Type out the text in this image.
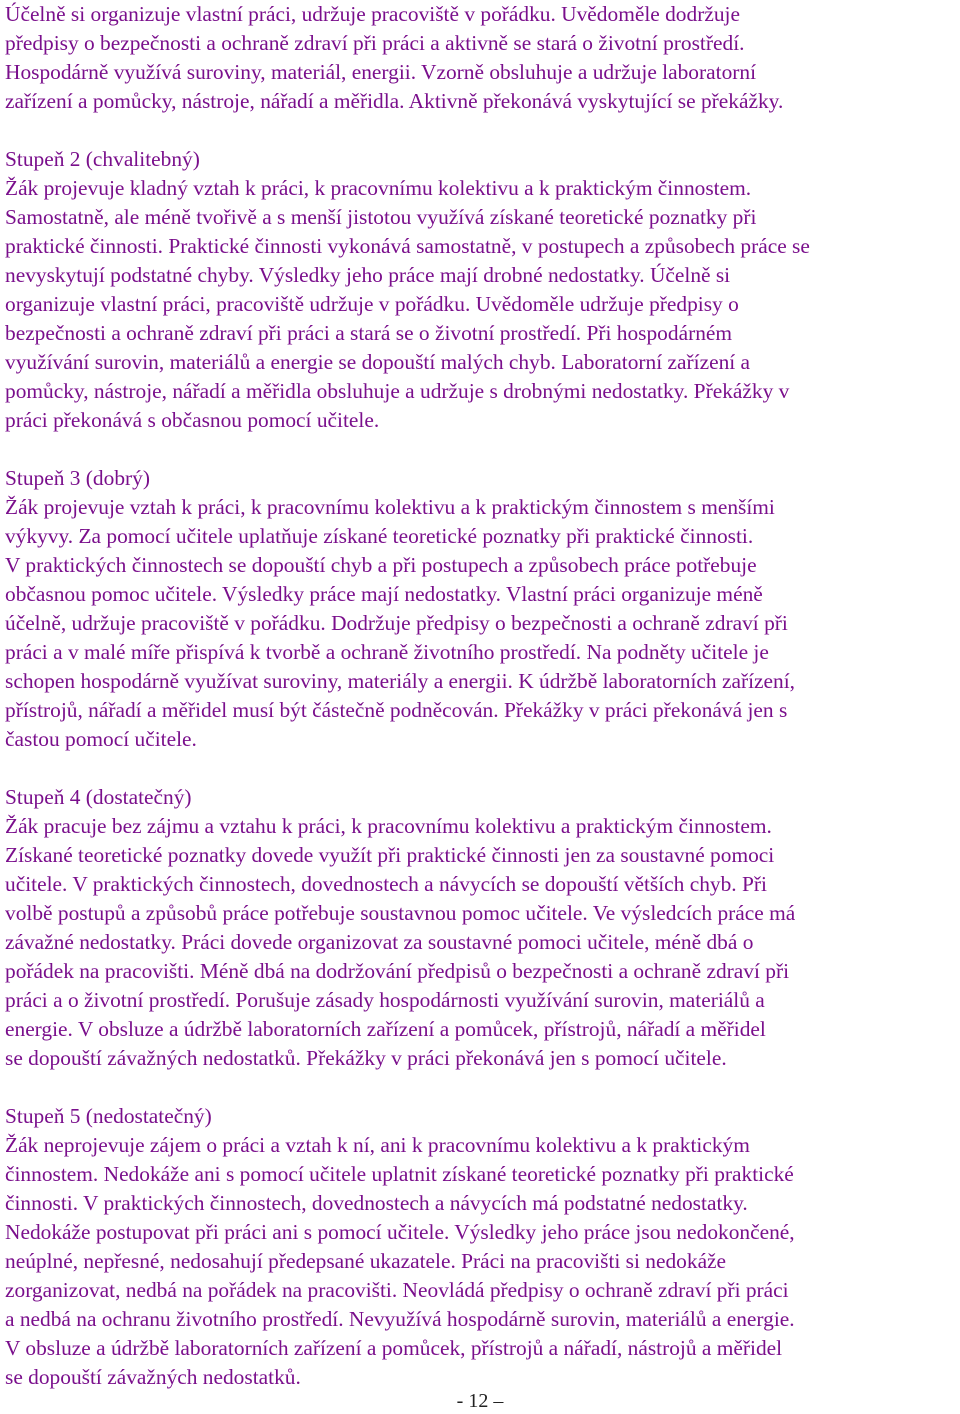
Účelně si organizuje vlastní práci, udržuje pracoviště v pořádku. Uvědoměle dodržuje
předpisy o bezpečnosti a ochraně zdraví při práci a aktivně se stará o životní prostředí.
Hospodárně využívá suroviny, materiál, energii. Vzorně obsluhuje a udržuje laboratorní
zařízení a pomůcky, nástroje, nářadí a měřidla. Aktivně překonává vyskytující se překážky.
Stupeň 2 (chvalitebný)
Žák projevuje kladný vztah k práci, k pracovnímu kolektivu a k praktickým činnostem.
Samostatně, ale méně tvořivě a s menší jistotou využívá získané teoretické poznatky při
praktické činnosti. Praktické činnosti vykonává samostatně, v postupech a způsobech práce se
nevyskytují podstatné chyby. Výsledky jeho práce mají drobné nedostatky. Účelně si
organizuje vlastní práci, pracoviště udržuje v pořádku. Uvědoměle udržuje předpisy o
bezpečnosti a ochraně zdraví při práci a stará se o životní prostředí. Při hospodárném
využívání surovin, materiálů a energie se dopouští malých chyb. Laboratorní zařízení a
pomůcky, nástroje, nářadí a měřidla obsluhuje a udržuje s drobnými nedostatky. Překážky v
práci překonává s občasnou pomocí učitele.
Stupeň 3 (dobrý)
Žák projevuje vztah k práci, k pracovnímu kolektivu a k praktickým činnostem s menšími
výkyvy. Za pomocí učitele uplatňuje získané teoretické poznatky při praktické činnosti.
V praktických činnostech se dopouští chyb a při postupech a způsobech práce potřebuje
občasnou pomoc učitele. Výsledky práce mají nedostatky. Vlastní práci organizuje méně
účelně, udržuje pracoviště v pořádku. Dodržuje předpisy o bezpečnosti a ochraně zdraví při
práci a v malé míře přispívá k tvorbě a ochraně životního prostředí. Na podněty učitele je
schopen hospodárně využívat suroviny, materiály a energii. K údržbě laboratorních zařízení,
přístrojů, nářadí a měřidel musí být částečně podněcován. Překážky v práci překonává jen s
častou pomocí učitele.
Stupeň 4 (dostatečný)
Žák pracuje bez zájmu a vztahu k práci, k pracovnímu kolektivu a praktickým činnostem.
Získané teoretické poznatky dovede využít při praktické činnosti jen za soustavné pomoci
učitele. V praktických činnostech, dovednostech a návycích se dopouští větších chyb. Při
volbě postupů a způsobů práce potřebuje soustavnou pomoc učitele. Ve výsledcích práce má
závažné nedostatky. Práci dovede organizovat za soustavné pomoci učitele, méně dbá o
pořádek na pracovišti. Méně dbá na dodržování předpisů o bezpečnosti a ochraně zdraví při
práci a o životní prostředí. Porušuje zásady hospodárnosti využívání surovin, materiálů a
energie. V obsluze a údržbě laboratorních zařízení a pomůcek, přístrojů, nářadí a měřidel
se dopouští závažných nedostatků. Překážky v práci překonává jen s pomocí učitele.
Stupeň 5 (nedostatečný)
Žák neprojevuje zájem o práci a vztah k ní, ani k pracovnímu kolektivu a k praktickým
činnostem. Nedokáže ani s pomocí učitele uplatnit získané teoretické poznatky při praktické
činnosti. V praktických činnostech, dovednostech a návycích má podstatné nedostatky.
Nedokáže postupovat při práci ani s pomocí učitele. Výsledky jeho práce jsou nedokončené,
neúplné, nepřesné, nedosahují předepsané ukazatele. Práci na pracovišti si nedokáže
zorganizovat, nedbá na pořádek na pracovišti. Neovládá předpisy o ochraně zdraví při práci
a nedbá na ochranu životního prostředí. Nevyužívá hospodárně surovin, materiálů a energie.
V obsluze a údržbě laboratorních zařízení a pomůcek, přístrojů a nářadí, nástrojů a měřidel
se dopouští závažných nedostatků.
- 12 –
